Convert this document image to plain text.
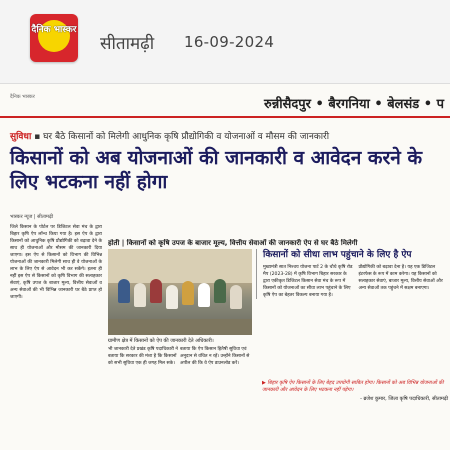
दैनिक भास्कर
सीतामढ़ी 16-09-2024
दैनिक भास्कर	रुन्नीसैदपुर • बैरगनिया • बेलसंड • प
सुविधा ▪ घर बैठे किसानों को मिलेगी आधुनिक कृषि प्रौद्योगिकी व योजनाओं व मौसम की जानकारी
किसानों को अब योजनाओं की जानकारी व आवेदन करने के लिए भटकना नहीं होगा
भास्कर न्यूज | सीतामढ़ी
जिले किसान के पोर्टल पर डिजिटल सेवा मंच के द्वारा बिहार कृषि ऐप लॉन्च किया गया है। इस ऐप के द्वारा किसानों को आधुनिक कृषि प्रौद्योगिकी को बढ़ावा देने के साथ ही योजनाओं और मौसम की जानकारी दिया जाएगा। इस ऐप से किसानों को विभाग की विभिन्न योजनाओं की जानकारी मिलेगी साथ ही वे योजनाओं के लाभ के लिए ऐप से आवेदन भी कर सकेंगे। इतना ही नहीं इस ऐप से किसानों को कृषि विभाग की सलाहकार सेवाएं, कृषि उपज के बाजार मूल्य, वित्तीय सेवाओं व अन्य सेवाओं की भी विभिन्न जानकारी घर बैठे प्राप्त हो जाएगी।
होती | किसानों को कृषि उपज के बाजार मूल्य, वित्तीय सेवाओं की जानकारी ऐप से घर बैठे मिलेगी
ग्रामीण क्षेत्र में किसानों को ऐप की जानकारी देते अधिकारी।
किसानों को सीधा लाभ पहुंचाने के लिए है ऐप
मुख्यमंत्री सात निश्चय योजना पार्ट 2 के चौथे कृषि रोड मैप (2023-28) में कृषि विभाग बिहार सरकार के द्वारा एकीकृत डिजिटल किसान सेवा मंच के रूप में किसानों को योजनाओं का सीधा लाभ पहुंचाने के लिए कृषि ऐप का बेहतर विकल्प बनाया गया है।
प्रौद्योगिकी को बढ़ावा देना है। यह एक डिजिटल इंटरफेस के रूप में काम करेगा। यह किसानों को सलाहकार सेवाएं, बाजार मूल्य, वित्तीय सेवाओं और अन्य सेवाओं तक पहुंचने में सक्षम बनाएगा।
भी जानकारी देते प्रखंड कृषि पदाधिकारी ने बताया कि सरकार की मंशा है कि किसानों को सभी सुविधा एक ही जगह मिल सके।
बताया कि ऐप किसान हितैषी सुविधा एवं अनुदान से वंचित न रहें। उन्होंने किसानों से अपील की कि वे ऐप डाउनलोड करें।
▶ बिहार कृषि ऐप किसानों के लिए बेहद उपयोगी साबित होगा। किसानों को अब विभिन्न योजनाओं की जानकारी और आवेदन के लिए भटकना नहीं पड़ेगा।
- ब्रजेश कुमार, जिला कृषि पदाधिकारी, सीतामढ़ी
